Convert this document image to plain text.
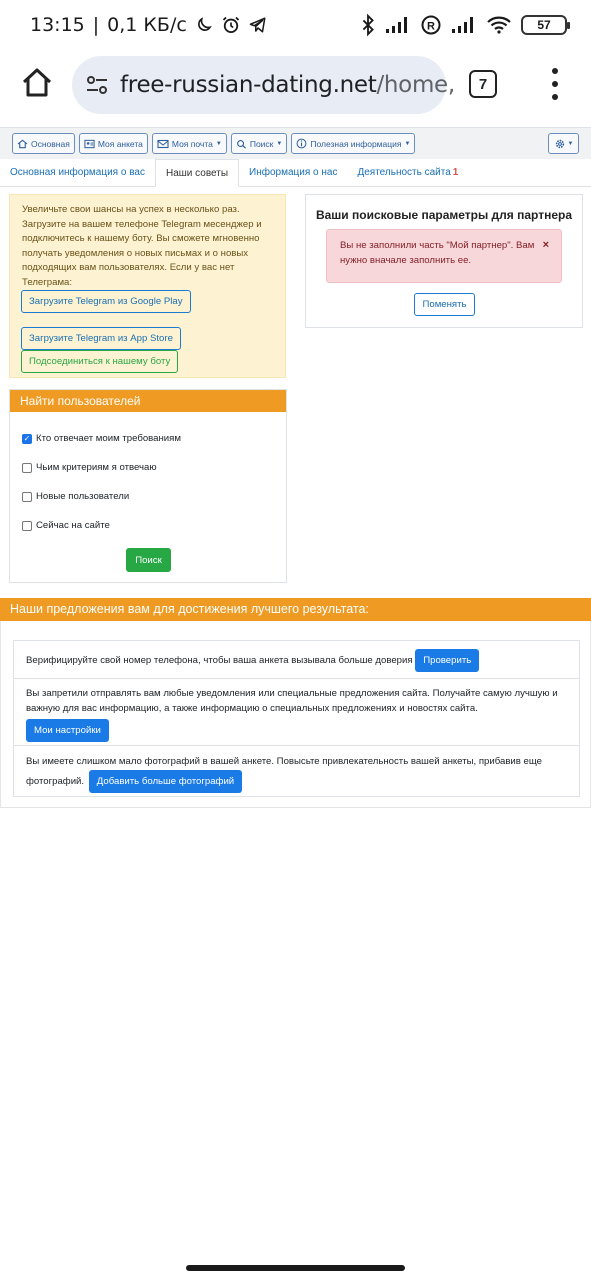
13:15 | 0,1 КБ/с	R	57
free-russian-dating.net/home,	7
Основная	Моя анкета	Моя почта ▼	Поиск ▼	Полезная информация ▼	▼
Основная информация о вас Наши советы Информация о нас Деятельность сайта 1
Увеличьте свои шансы на успех в несколько раз.
Загрузите на вашем телефоне Telegram месенджер и
подключитесь к нашему боту. Вы сможете мгновенно
получать уведомления о новых письмах и о новых
подходящих вам пользователях. Если у вас нет
Телеграма:
Загрузите Telegram из Google Play
Загрузите Telegram из App Store
Подсоединиться к нашему боту
Найти пользователей
✓ Кто отвечает моим требованиям
Чьим критериям я отвечаю
Новые пользователи
Сейчас на сайте
Поиск
Ваши поисковые параметры для партнера
Вы не заполнили часть "Мой партнер". Вам нужно вначале заполнить ее.
×
Поменять
Наши предложения вам для достижения лучшего результата:
Верифицируйте свой номер телефона, чтобы ваша анкета вызывала больше доверия Проверить
Вы запретили отправлять вам любые уведомления или специальные предложения сайта. Получайте самую лучшую и важную для вас информацию, а также информацию о специальных предложениях и новостях сайта.
Мои настройки
Вы имеете слишком мало фотографий в вашей анкете. Повысьте привлекательность вашей анкеты, прибавив еще фотографий. Добавить больше фотографий
